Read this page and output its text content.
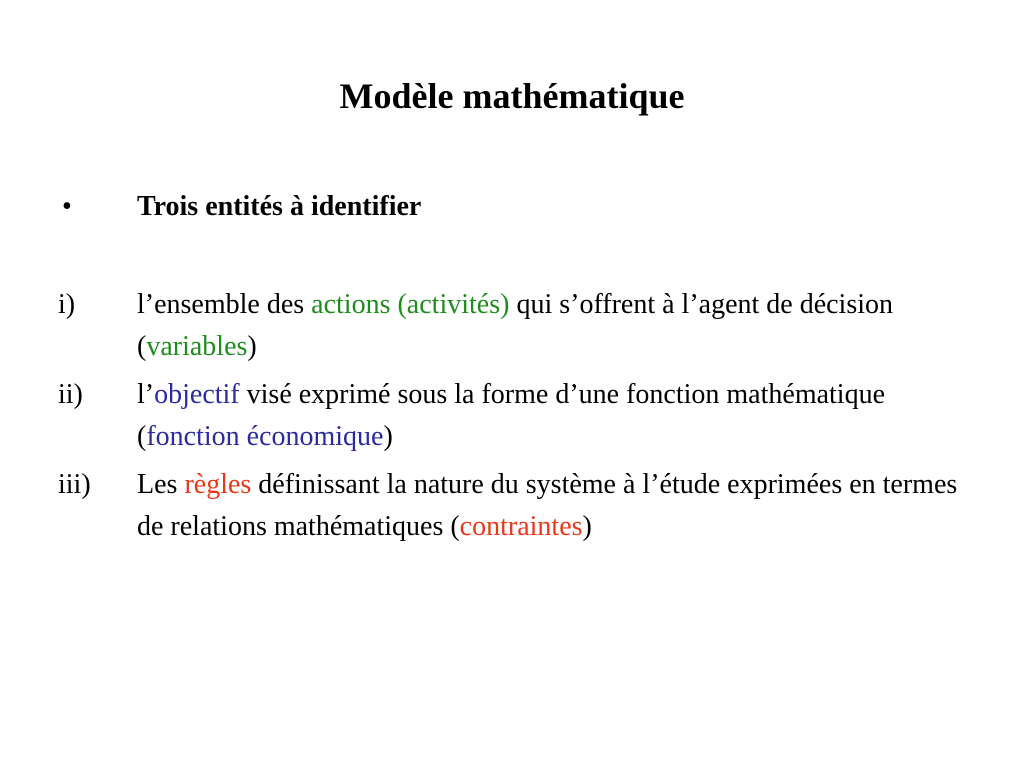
Modèle mathématique
• Trois entités à identifier
i) l’ensemble des actions (activités) qui s’offrent à l’agent de décision (variables)
ii) l’objectif visé exprimé sous la forme d’une fonction mathématique (fonction économique)
iii) Les règles définissant la nature du système à l’étude exprimées en termes de relations mathématiques (contraintes)
